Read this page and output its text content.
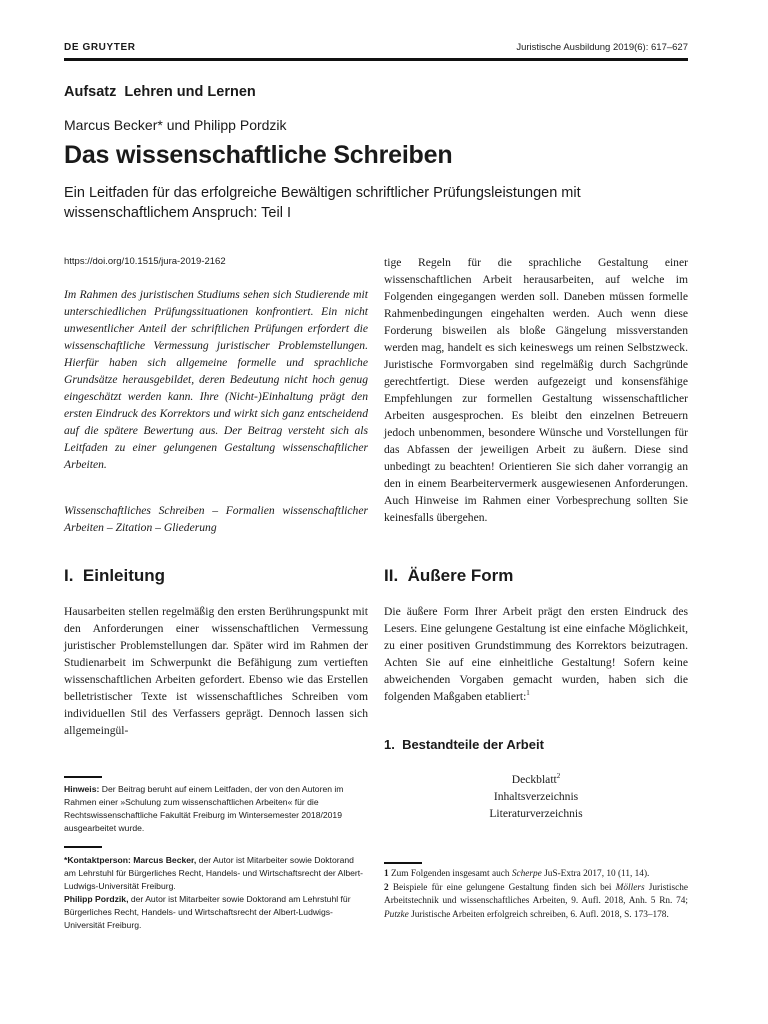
DE GRUYTER	Juristische Ausbildung 2019(6): 617–627
Aufsatz  Lehren und Lernen
Marcus Becker* und Philipp Pordzik
Das wissenschaftliche Schreiben
Ein Leitfaden für das erfolgreiche Bewältigen schriftlicher Prüfungsleistungen mit wissenschaftlichem Anspruch: Teil I
https://doi.org/10.1515/jura-2019-2162

Im Rahmen des juristischen Studiums sehen sich Studierende mit unterschiedlichen Prüfungssituationen konfrontiert. Ein nicht unwesentlicher Anteil der schriftlichen Prüfungen erfordert die wissenschaftliche Vermessung juristischer Problemstellungen. Hierfür haben sich allgemeine formelle und sprachliche Grundsätze herausgebildet, deren Bedeutung nicht hoch genug eingeschätzt werden kann. Ihre (Nicht-)Einhaltung prägt den ersten Eindruck des Korrektors und wirkt sich ganz entscheidend auf die spätere Bewertung aus. Der Beitrag versteht sich als Leitfaden zu einer gelungenen Gestaltung wissenschaftlicher Arbeiten.

Wissenschaftliches Schreiben – Formalien wissenschaftlicher Arbeiten – Zitation – Gliederung

I.  Einleitung

Hausarbeiten stellen regelmäßig den ersten Berührungspunkt mit den Anforderungen einer wissenschaftlichen Vermessung juristischer Problemstellungen dar. Später wird im Rahmen der Studienarbeit im Schwerpunkt die Befähigung zum vertieften wissenschaftlichen Arbeiten gefordert. Ebenso wie das Erstellen belletristischer Texte ist wissenschaftliches Schreiben vom individuellen Stil des Verfassers geprägt. Dennoch lassen sich allgemeingül-

Hinweis: Der Beitrag beruht auf einem Leitfaden, der von den Autoren im Rahmen einer »Schulung zum wissenschaftlichen Arbeiten« für die Rechtswissenschaftliche Fakultät Freiburg im Wintersemester 2018/2019 ausgearbeitet wurde.

*Kontaktperson: Marcus Becker, der Autor ist Mitarbeiter sowie Doktorand am Lehrstuhl für Bürgerliches Recht, Handels- und Wirtschaftsrecht der Albert-Ludwigs-Universität Freiburg.
Philipp Pordzik, der Autor ist Mitarbeiter sowie Doktorand am Lehrstuhl für Bürgerliches Recht, Handels- und Wirtschaftsrecht der Albert-Ludwigs-Universität Freiburg.

tige Regeln für die sprachliche Gestaltung einer wissenschaftlichen Arbeit herausarbeiten, auf welche im Folgenden eingegangen werden soll. Daneben müssen formelle Rahmenbedingungen eingehalten werden. Auch wenn diese Forderung bisweilen als bloße Gängelung missverstanden werden mag, handelt es sich keineswegs um reinen Selbstzweck. Juristische Formvorgaben sind regelmäßig durch Sachgründe gerechtfertigt. Diese werden aufgezeigt und konsensfähige Empfehlungen zur formellen Gestaltung wissenschaftlicher Arbeiten ausgesprochen. Es bleibt den einzelnen Betreuern jedoch unbenommen, besondere Wünsche und Vorstellungen für das Abfassen der jeweiligen Arbeit zu äußern. Diese sind unbedingt zu beachten! Orientieren Sie sich daher vorrangig an den in einem Bearbeitervermerk ausgewiesenen Anforderungen. Auch Hinweise im Rahmen einer Vorbesprechung sollten Sie keinesfalls übergehen.

II.  Äußere Form

Die äußere Form Ihrer Arbeit prägt den ersten Eindruck des Lesers. Eine gelungene Gestaltung ist eine einfache Möglichkeit, zu einer positiven Grundstimmung des Korrektors beizutragen. Achten Sie auf eine einheitliche Gestaltung! Sofern keine abweichenden Vorgaben gemacht wurden, haben sich die folgenden Maßgaben etabliert:$^1$

1.  Bestandteile der Arbeit
Deckblatt$^2$
Inhaltsverzeichnis
Literaturverzeichnis

1 Zum Folgenden insgesamt auch Scherpe JuS-Extra 2017, 10 (11, 14).

2 Beispiele für eine gelungene Gestaltung finden sich bei Möllers Juristische Arbeitstechnik und wissenschaftliches Arbeiten, 9. Aufl. 2018, Anh. 5 Rn. 74; Putzke Juristische Arbeiten erfolgreich schreiben, 6. Aufl. 2018, S. 173–178.
